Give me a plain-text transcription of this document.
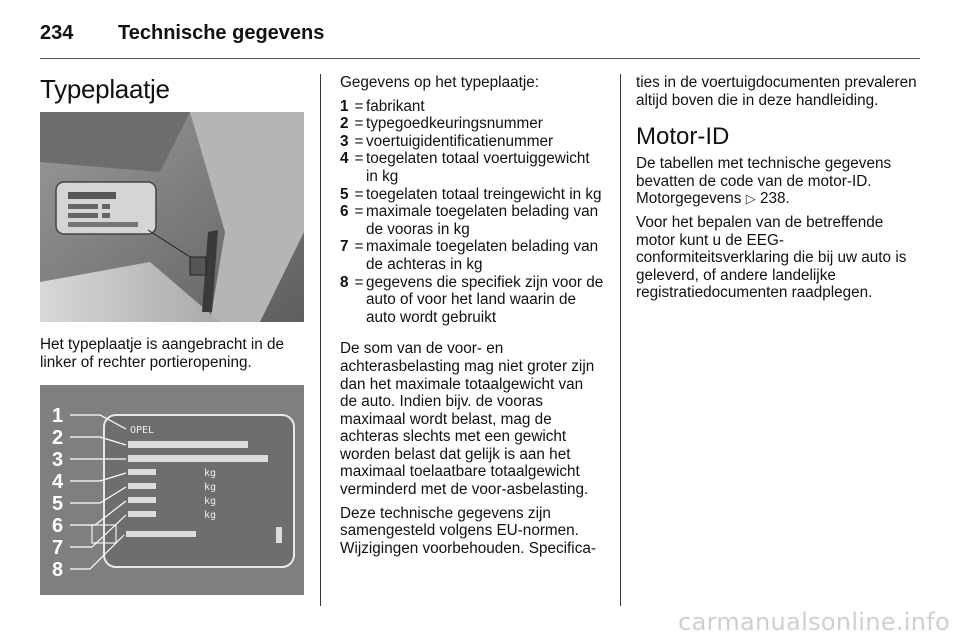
234 Technische gegevens
Typeplaatje

Het typeplaatje is aangebracht in de linker of rechter portieropening.

OPEL
kg
kg
kg
kg
1
2
3
4
5
6
7
8

Gegevens op het typeplaatje:

1 = fabrikant
2 = typegoedkeuringsnummer
3 = voertuigidentificatienummer
4 = toegelaten totaal voertuiggewicht in kg
5 = toegelaten totaal treingewicht in kg
6 = maximale toegelaten belading van de vooras in kg
7 = maximale toegelaten belading van de achteras in kg
8 = gegevens die specifiek zijn voor de auto of voor het land waarin de auto wordt gebruikt

De som van de voor- en achterasbelasting mag niet groter zijn dan het maximale totaalgewicht van de auto. Indien bijv. de vooras maximaal wordt belast, mag de achteras slechts met een gewicht worden belast dat gelijk is aan het maximaal toelaatbare totaalgewicht verminderd met de voor-asbelasting.

Deze technische gegevens zijn samengesteld volgens EU-normen. Wijzigingen voorbehouden. Specifica-

ties in de voertuigdocumenten prevaleren altijd boven die in deze handleiding.

Motor-ID

De tabellen met technische gegevens bevatten de code van de motor-ID. Motorgegevens ▷ 238.

Voor het bepalen van de betreffende motor kunt u de EEG-conformiteitsverklaring die bij uw auto is geleverd, of andere landelijke registratiedocumenten raadplegen.

carmanualsonline.info
